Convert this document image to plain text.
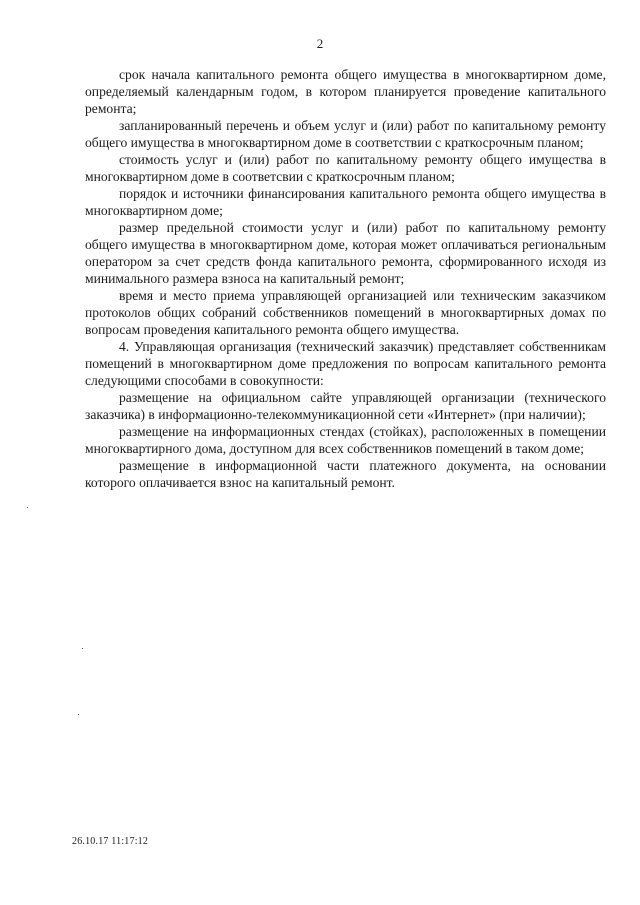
2

срок начала капитального ремонта общего имущества в многоквартирном доме, определяемый календарным годом, в котором планируется проведение капитального ремонта;

запланированный перечень и объем услуг и (или) работ по капитальному ремонту общего имущества в многоквартирном доме в соответствии с краткосрочным планом;

стоимость услуг и (или) работ по капитальному ремонту общего имущества в многоквартирном доме в соответсвии с краткосрочным планом;

порядок и источники финансирования капитального ремонта общего имущества в многоквартирном доме;

размер предельной стоимости услуг и (или) работ по капитальному ремонту общего имущества в многоквартирном доме, которая может оплачиваться региональным оператором за счет средств фонда капитального ремонта, сформированного исходя из минимального размера взноса на капитальный ремонт;

время и место приема управляющей организацией или техническим заказчиком протоколов общих собраний собственников помещений в многоквартирных домах по вопросам проведения капитального ремонта общего имущества.

4. Управляющая организация (технический заказчик) представляет собственникам помещений в многоквартирном доме предложения по вопросам капитального ремонта следующими способами в совокупности:

размещение на официальном сайте управляющей организации (технического заказчика) в информационно-телекоммуникационной сети «Интернет» (при наличии);

размещение на информационных стендах (стойках), расположенных в помещении многоквартирного дома, доступном для всех собственников помещений в таком доме;

размещение в информационной части платежного документа, на основании которого оплачивается взнос на капитальный ремонт.

26.10.17 11:17:12
